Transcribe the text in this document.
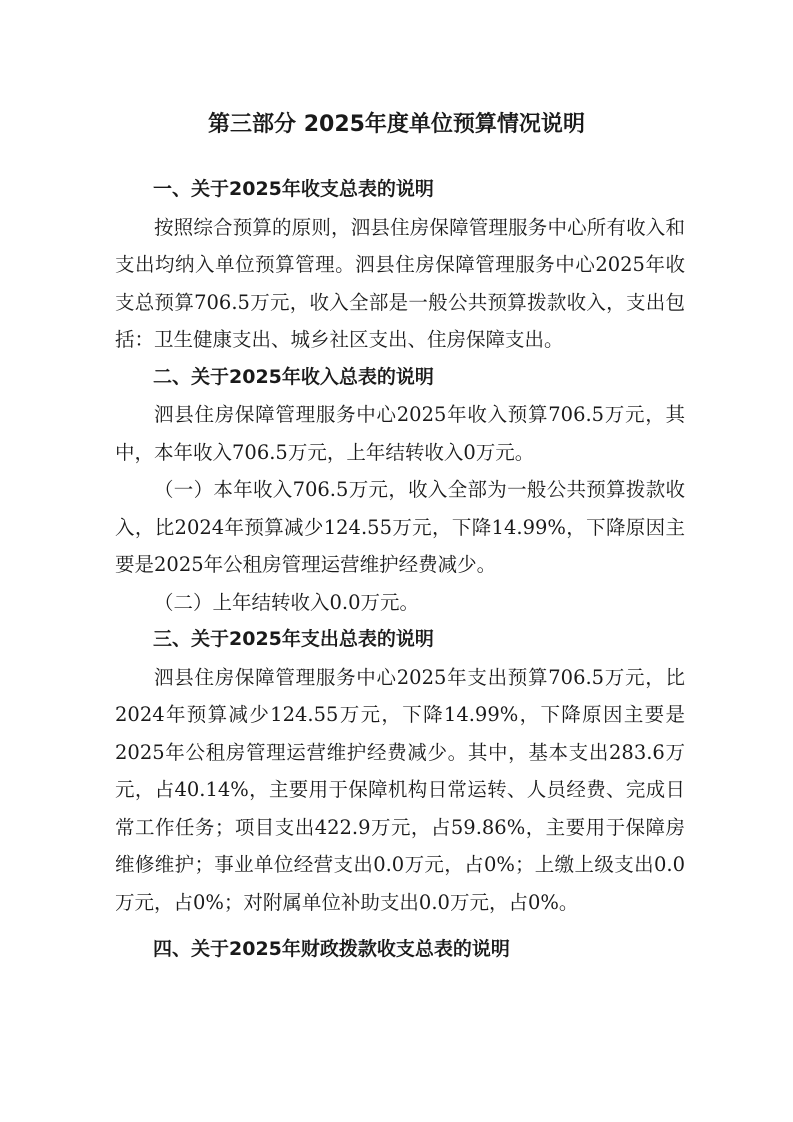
第三部分 2025年度单位预算情况说明
一、关于2025年收支总表的说明

按照综合预算的原则，泗县住房保障管理服务中心所有收入和支出均纳入单位预算管理。泗县住房保障管理服务中心2025年收支总预算706.5万元，收入全部是一般公共预算拨款收入，支出包括：卫生健康支出、城乡社区支出、住房保障支出。

二、关于2025年收入总表的说明

泗县住房保障管理服务中心2025年收入预算706.5万元，其中，本年收入706.5万元，上年结转收入0万元。

（一）本年收入706.5万元，收入全部为一般公共预算拨款收入，比2024年预算减少124.55万元，下降14.99%，下降原因主要是2025年公租房管理运营维护经费减少。

（二）上年结转收入0.0万元。

三、关于2025年支出总表的说明

泗县住房保障管理服务中心2025年支出预算706.5万元，比2024年预算减少124.55万元，下降14.99%，下降原因主要是2025年公租房管理运营维护经费减少。其中，基本支出283.6万元，占40.14%，主要用于保障机构日常运转、人员经费、完成日常工作任务；项目支出422.9万元，占59.86%，主要用于保障房维修维护；事业单位经营支出0.0万元，占0%；上缴上级支出0.0万元，占0%；对附属单位补助支出0.0万元，占0%。

四、关于2025年财政拨款收支总表的说明
